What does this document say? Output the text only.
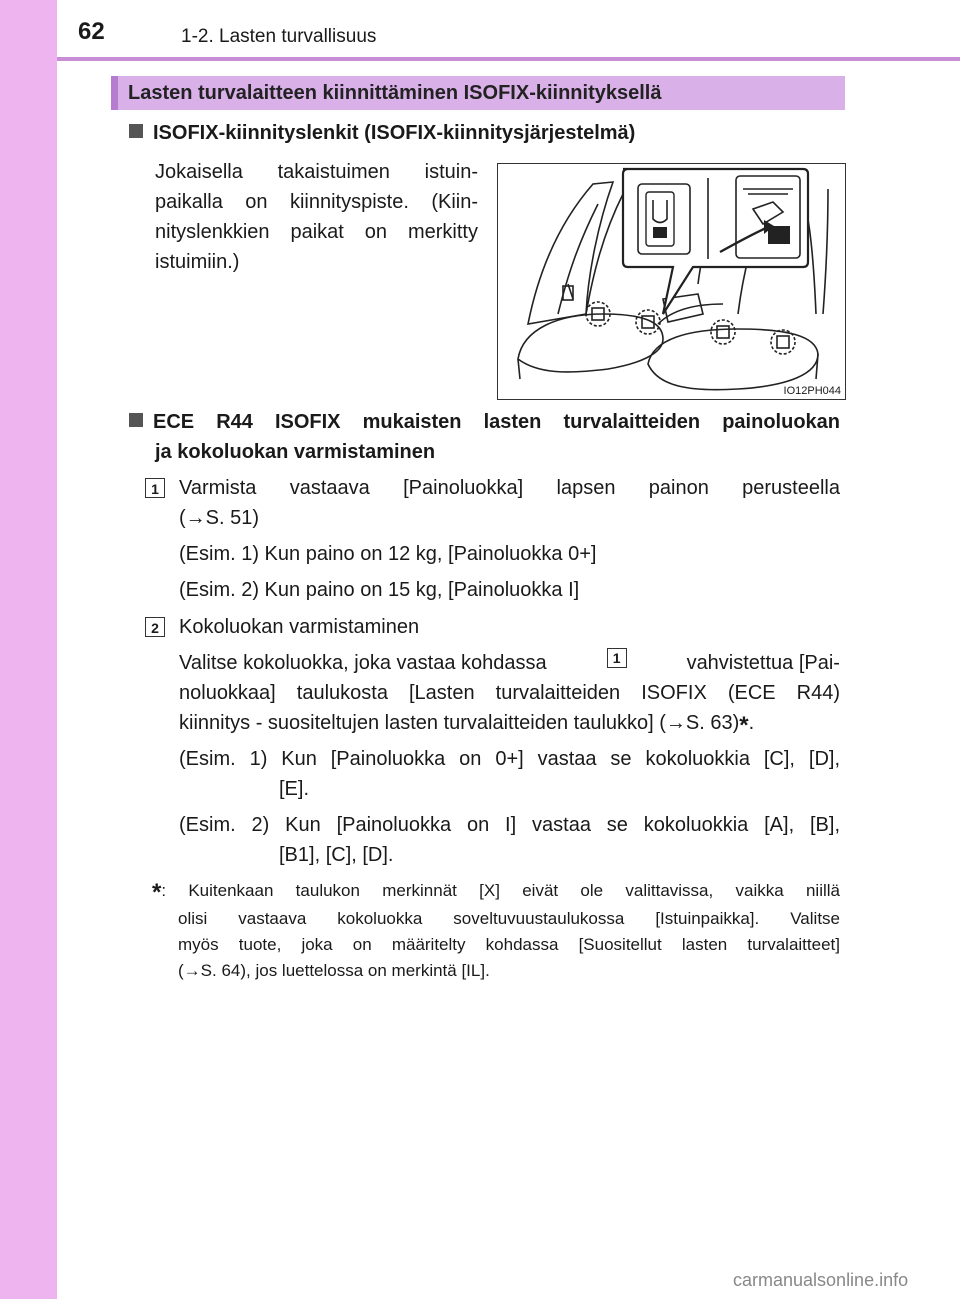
62	1-2. Lasten turvallisuus
Lasten turvalaitteen kiinnittäminen ISOFIX-kiinnityksellä
ISOFIX-kiinnityslenkit (ISOFIX-kiinnitysjärjestelmä)
Jokaisella takaistuimen istuin-
paikalla on kiinnityspiste. (Kiin-
nityslenkkien paikat on merkitty
istuimiin.)
IO12PH044
ECE R44 ISOFIX mukaisten lasten turvalaitteiden painoluokan
ja kokoluokan varmistaminen
1	Varmista vastaava [Painoluokka] lapsen painon perusteella
(→S. 51)
(Esim. 1) Kun paino on 12 kg, [Painoluokka 0+]
(Esim. 2) Kun paino on 15 kg, [Painoluokka I]
2	Kokoluokan varmistaminen
Valitse kokoluokka, joka vastaa kohdassa	1	vahvistettua [Pai-
noluokkaa] taulukosta [Lasten turvalaitteiden ISOFIX (ECE R44)
kiinnitys - suositeltujen lasten turvalaitteiden taulukko] (→S. 63)*.
(Esim. 1) Kun [Painoluokka on 0+] vastaa se kokoluokkia [C], [D],
[E].
(Esim. 2) Kun [Painoluokka on I] vastaa se kokoluokkia [A], [B],
[B1], [C], [D].
*: Kuitenkaan taulukon merkinnät [X] eivät ole valittavissa, vaikka niillä
olisi vastaava kokoluokka soveltuvuustaulukossa [Istuinpaikka]. Valitse
myös tuote, joka on määritelty kohdassa [Suositellut lasten turvalaitteet]
(→S. 64), jos luettelossa on merkintä [IL].
carmanualsonline.info
